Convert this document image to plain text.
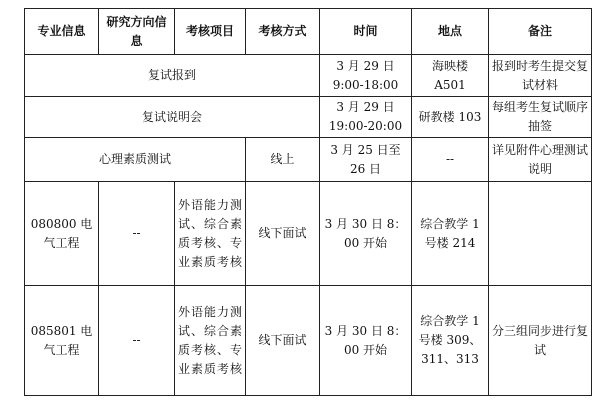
专业信息	研究方向信息	考核项目	考核方式	时间	地点	备注
复试报到				3 月 29 日 9:00-18:00	海映楼 A501	报到时考生提交复试材料
复试说明会				3 月 29 日 19:00-20:00	研教楼 103	每组考生复试顺序抽签
心理素质测试			线上	3 月 25 日至 26 日	--	详见附件心理测试说明
080800 电气工程	--	外语能力测试、综合素质考核、专业素质考核	线下面试	3 月 30 日 8：00 开始	综合教学 1 号楼 214	
085801 电气工程	--	外语能力测试、综合素质考核、专业素质考核	线下面试	3 月 30 日 8：00 开始	综合教学 1 号楼 309、311、313	分三组同步进行复试
